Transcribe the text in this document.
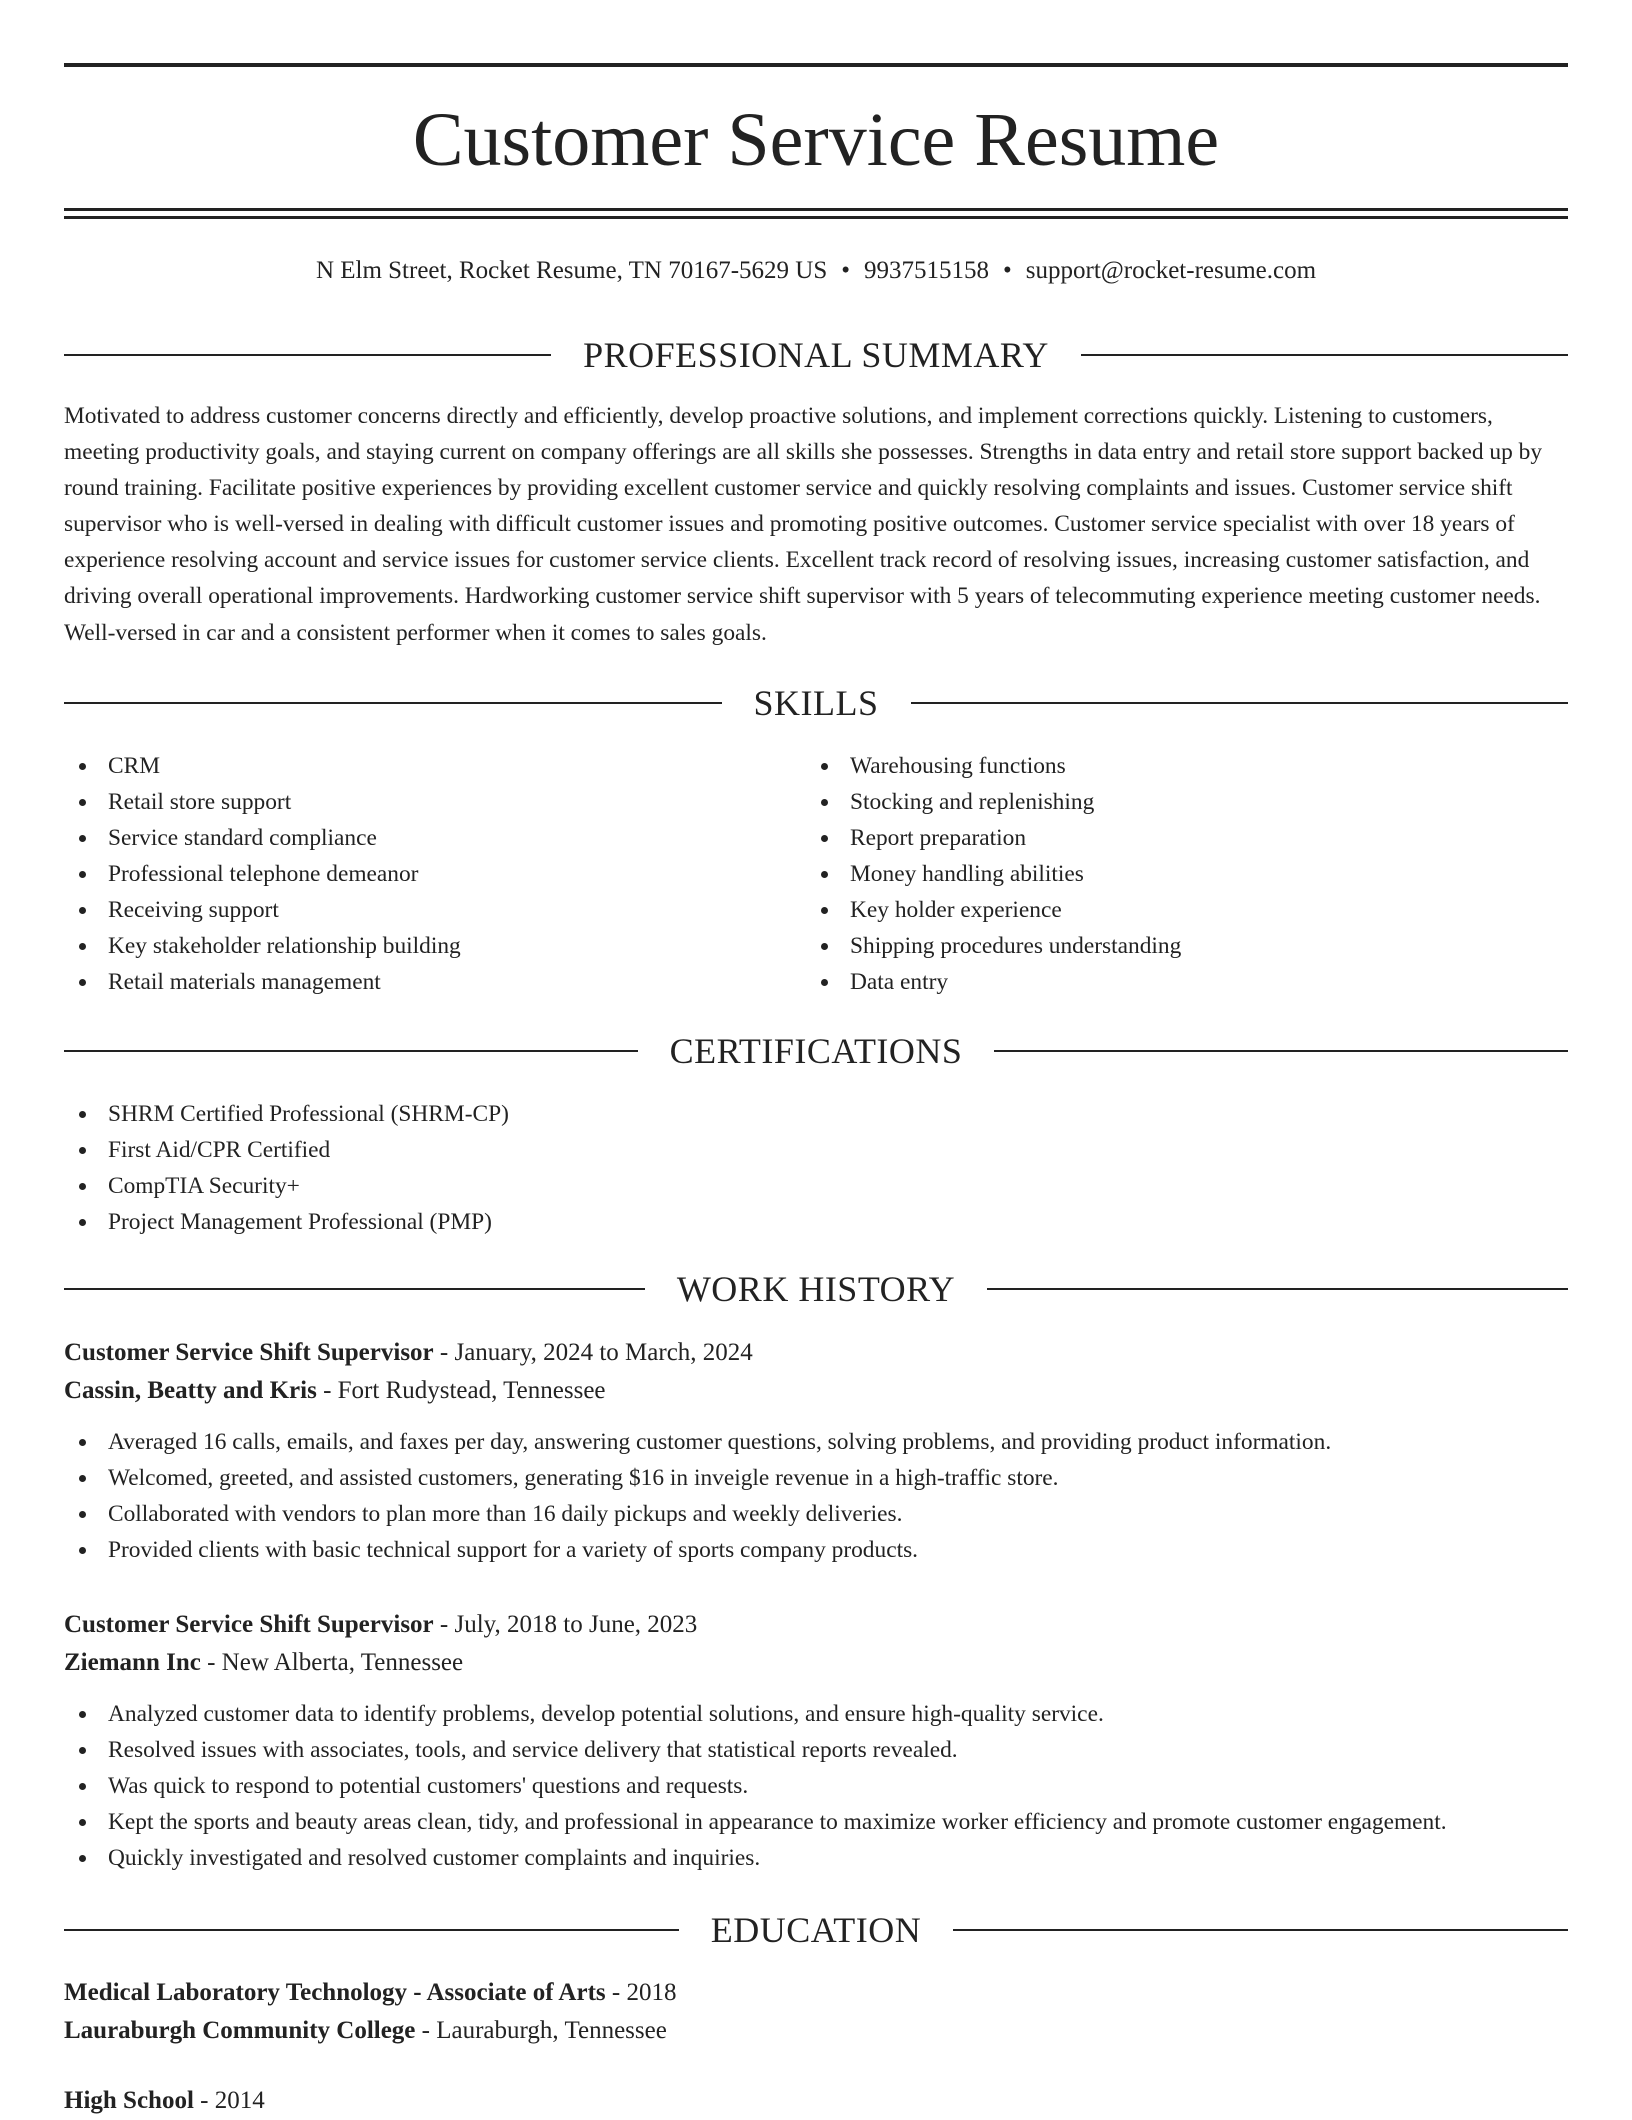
Customer Service Resume
N Elm Street, Rocket Resume, TN 70167-5629 US • 9937515158 • support@rocket-resume.com
PROFESSIONAL SUMMARY

Motivated to address customer concerns directly and efficiently, develop proactive solutions, and implement corrections quickly. Listening to customers, meeting productivity goals, and staying current on company offerings are all skills she possesses. Strengths in data entry and retail store support backed up by round training. Facilitate positive experiences by providing excellent customer service and quickly resolving complaints and issues. Customer service shift supervisor who is well-versed in dealing with difficult customer issues and promoting positive outcomes. Customer service specialist with over 18 years of experience resolving account and service issues for customer service clients. Excellent track record of resolving issues, increasing customer satisfaction, and driving overall operational improvements. Hardworking customer service shift supervisor with 5 years of telecommuting experience meeting customer needs. Well-versed in car and a consistent performer when it comes to sales goals.

SKILLS
CRM
Retail store support
Service standard compliance
Professional telephone demeanor
Receiving support
Key stakeholder relationship building
Retail materials management
Warehousing functions
Stocking and replenishing
Report preparation
Money handling abilities
Key holder experience
Shipping procedures understanding
Data entry
CERTIFICATIONS
SHRM Certified Professional (SHRM-CP)
First Aid/CPR Certified
CompTIA Security+
Project Management Professional (PMP)
WORK HISTORY
Customer Service Shift Supervisor - January, 2024 to March, 2024
Cassin, Beatty and Kris - Fort Rudystead, Tennessee
Averaged 16 calls, emails, and faxes per day, answering customer questions, solving problems, and providing product information.
Welcomed, greeted, and assisted customers, generating $16 in inveigle revenue in a high-traffic store.
Collaborated with vendors to plan more than 16 daily pickups and weekly deliveries.
Provided clients with basic technical support for a variety of sports company products.
Customer Service Shift Supervisor - July, 2018 to June, 2023
Ziemann Inc - New Alberta, Tennessee
Analyzed customer data to identify problems, develop potential solutions, and ensure high-quality service.
Resolved issues with associates, tools, and service delivery that statistical reports revealed.
Was quick to respond to potential customers' questions and requests.
Kept the sports and beauty areas clean, tidy, and professional in appearance to maximize worker efficiency and promote customer engagement.
Quickly investigated and resolved customer complaints and inquiries.
EDUCATION
Medical Laboratory Technology - Associate of Arts - 2018
Lauraburgh Community College - Lauraburgh, Tennessee
High School - 2014
